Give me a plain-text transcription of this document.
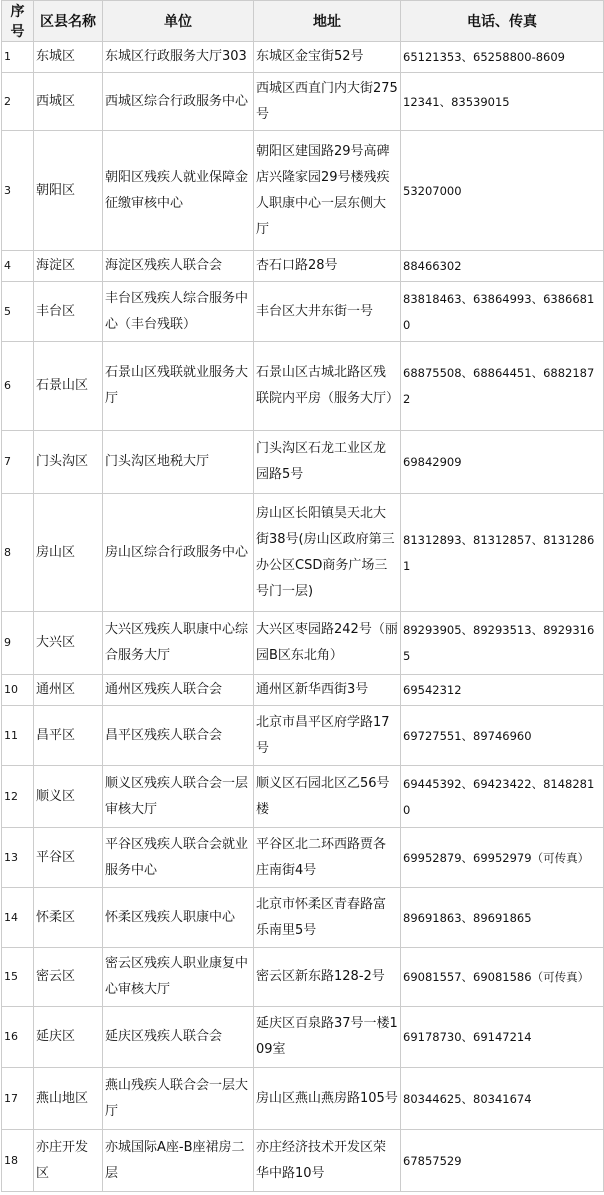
序号	区县名称	单位	地址	电话、传真
1	东城区	东城区行政服务大厅303	东城区金宝街52号	65121353、65258800-8609
2	西城区	西城区综合行政服务中心	西城区西直门内大街275号	12341、83539015
3	朝阳区	朝阳区残疾人就业保障金征缴审核中心	朝阳区建国路29号高碑店兴隆家园29号楼残疾人职康中心一层东侧大厅	53207000
4	海淀区	海淀区残疾人联合会	杏石口路28号	88466302
5	丰台区	丰台区残疾人综合服务中心（丰台残联）	丰台区大井东街一号	83818463、63864993、63866810
6	石景山区	石景山区残联就业服务大厅	石景山区古城北路区残联院内平房（服务大厅）	68875508、68864451、68821872
7	门头沟区	门头沟区地税大厅	门头沟区石龙工业区龙园路5号	69842909
8	房山区	房山区综合行政服务中心	房山区长阳镇昊天北大街38号(房山区政府第三办公区CSD商务广场三号门一层)	81312893、81312857、81312861
9	大兴区	大兴区残疾人职康中心综合服务大厅	大兴区枣园路242号（丽园B区东北角）	89293905、89293513、89293165
10	通州区	通州区残疾人联合会	通州区新华西街3号	69542312
11	昌平区	昌平区残疾人联合会	北京市昌平区府学路17号	69727551、89746960
12	顺义区	顺义区残疾人联合会一层审核大厅	顺义区石园北区乙56号楼	69445392、69423422、81482810
13	平谷区	平谷区残疾人联合会就业服务中心	平谷区北二环西路贾各庄南街4号	69952879、69952979（可传真）
14	怀柔区	怀柔区残疾人职康中心	北京市怀柔区青春路富乐南里5号	89691863、89691865
15	密云区	密云区残疾人职业康复中心审核大厅	密云区新东路128-2号	69081557、69081586（可传真）
16	延庆区	延庆区残疾人联合会	延庆区百泉路37号一楼109室	69178730、69147214
17	燕山地区	燕山残疾人联合会一层大厅	房山区燕山燕房路105号	80344625、80341674
18	亦庄开发区	亦城国际A座-B座裙房二层	亦庄经济技术开发区荣华中路10号	67857529
